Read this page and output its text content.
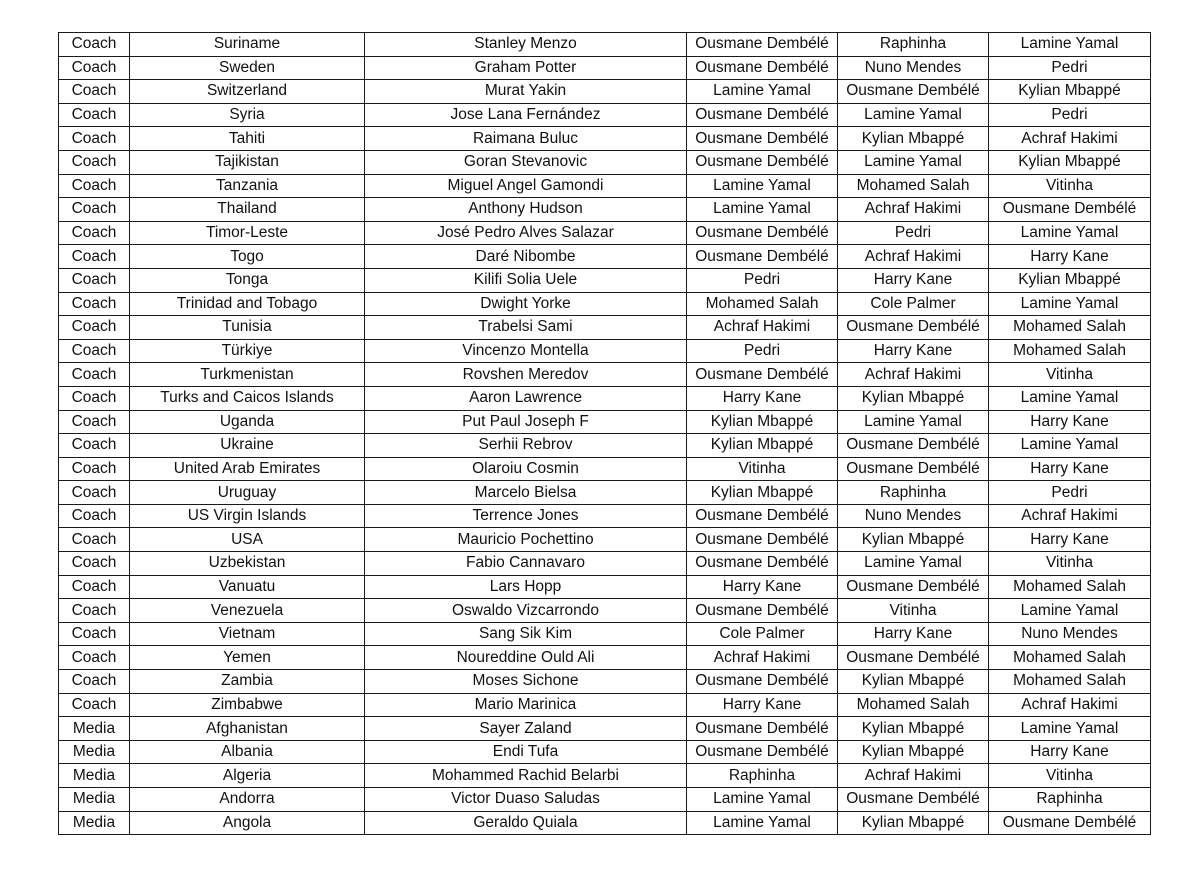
Coach	Suriname	Stanley Menzo	Ousmane Dembélé	Raphinha	Lamine Yamal
Coach	Sweden	Graham Potter	Ousmane Dembélé	Nuno Mendes	Pedri
Coach	Switzerland	Murat Yakin	Lamine Yamal	Ousmane Dembélé	Kylian Mbappé
Coach	Syria	Jose Lana Fernández	Ousmane Dembélé	Lamine Yamal	Pedri
Coach	Tahiti	Raimana Buluc	Ousmane Dembélé	Kylian Mbappé	Achraf Hakimi
Coach	Tajikistan	Goran Stevanovic	Ousmane Dembélé	Lamine Yamal	Kylian Mbappé
Coach	Tanzania	Miguel Angel Gamondi	Lamine Yamal	Mohamed Salah	Vitinha
Coach	Thailand	Anthony Hudson	Lamine Yamal	Achraf Hakimi	Ousmane Dembélé
Coach	Timor-Leste	José Pedro Alves Salazar	Ousmane Dembélé	Pedri	Lamine Yamal
Coach	Togo	Daré Nibombe	Ousmane Dembélé	Achraf Hakimi	Harry Kane
Coach	Tonga	Kilifi Solia Uele	Pedri	Harry Kane	Kylian Mbappé
Coach	Trinidad and Tobago	Dwight Yorke	Mohamed Salah	Cole Palmer	Lamine Yamal
Coach	Tunisia	Trabelsi Sami	Achraf Hakimi	Ousmane Dembélé	Mohamed Salah
Coach	Türkiye	Vincenzo Montella	Pedri	Harry Kane	Mohamed Salah
Coach	Turkmenistan	Rovshen Meredov	Ousmane Dembélé	Achraf Hakimi	Vitinha
Coach	Turks and Caicos Islands	Aaron Lawrence	Harry Kane	Kylian Mbappé	Lamine Yamal
Coach	Uganda	Put Paul Joseph F	Kylian Mbappé	Lamine Yamal	Harry Kane
Coach	Ukraine	Serhii Rebrov	Kylian Mbappé	Ousmane Dembélé	Lamine Yamal
Coach	United Arab Emirates	Olaroiu Cosmin	Vitinha	Ousmane Dembélé	Harry Kane
Coach	Uruguay	Marcelo Bielsa	Kylian Mbappé	Raphinha	Pedri
Coach	US Virgin Islands	Terrence Jones	Ousmane Dembélé	Nuno Mendes	Achraf Hakimi
Coach	USA	Mauricio Pochettino	Ousmane Dembélé	Kylian Mbappé	Harry Kane
Coach	Uzbekistan	Fabio Cannavaro	Ousmane Dembélé	Lamine Yamal	Vitinha
Coach	Vanuatu	Lars Hopp	Harry Kane	Ousmane Dembélé	Mohamed Salah
Coach	Venezuela	Oswaldo Vizcarrondo	Ousmane Dembélé	Vitinha	Lamine Yamal
Coach	Vietnam	Sang Sik Kim	Cole Palmer	Harry Kane	Nuno Mendes
Coach	Yemen	Noureddine Ould Ali	Achraf Hakimi	Ousmane Dembélé	Mohamed Salah
Coach	Zambia	Moses Sichone	Ousmane Dembélé	Kylian Mbappé	Mohamed Salah
Coach	Zimbabwe	Mario Marinica	Harry Kane	Mohamed Salah	Achraf Hakimi
Media	Afghanistan	Sayer Zaland	Ousmane Dembélé	Kylian Mbappé	Lamine Yamal
Media	Albania	Endi Tufa	Ousmane Dembélé	Kylian Mbappé	Harry Kane
Media	Algeria	Mohammed Rachid Belarbi	Raphinha	Achraf Hakimi	Vitinha
Media	Andorra	Victor Duaso Saludas	Lamine Yamal	Ousmane Dembélé	Raphinha
Media	Angola	Geraldo Quiala	Lamine Yamal	Kylian Mbappé	Ousmane Dembélé
